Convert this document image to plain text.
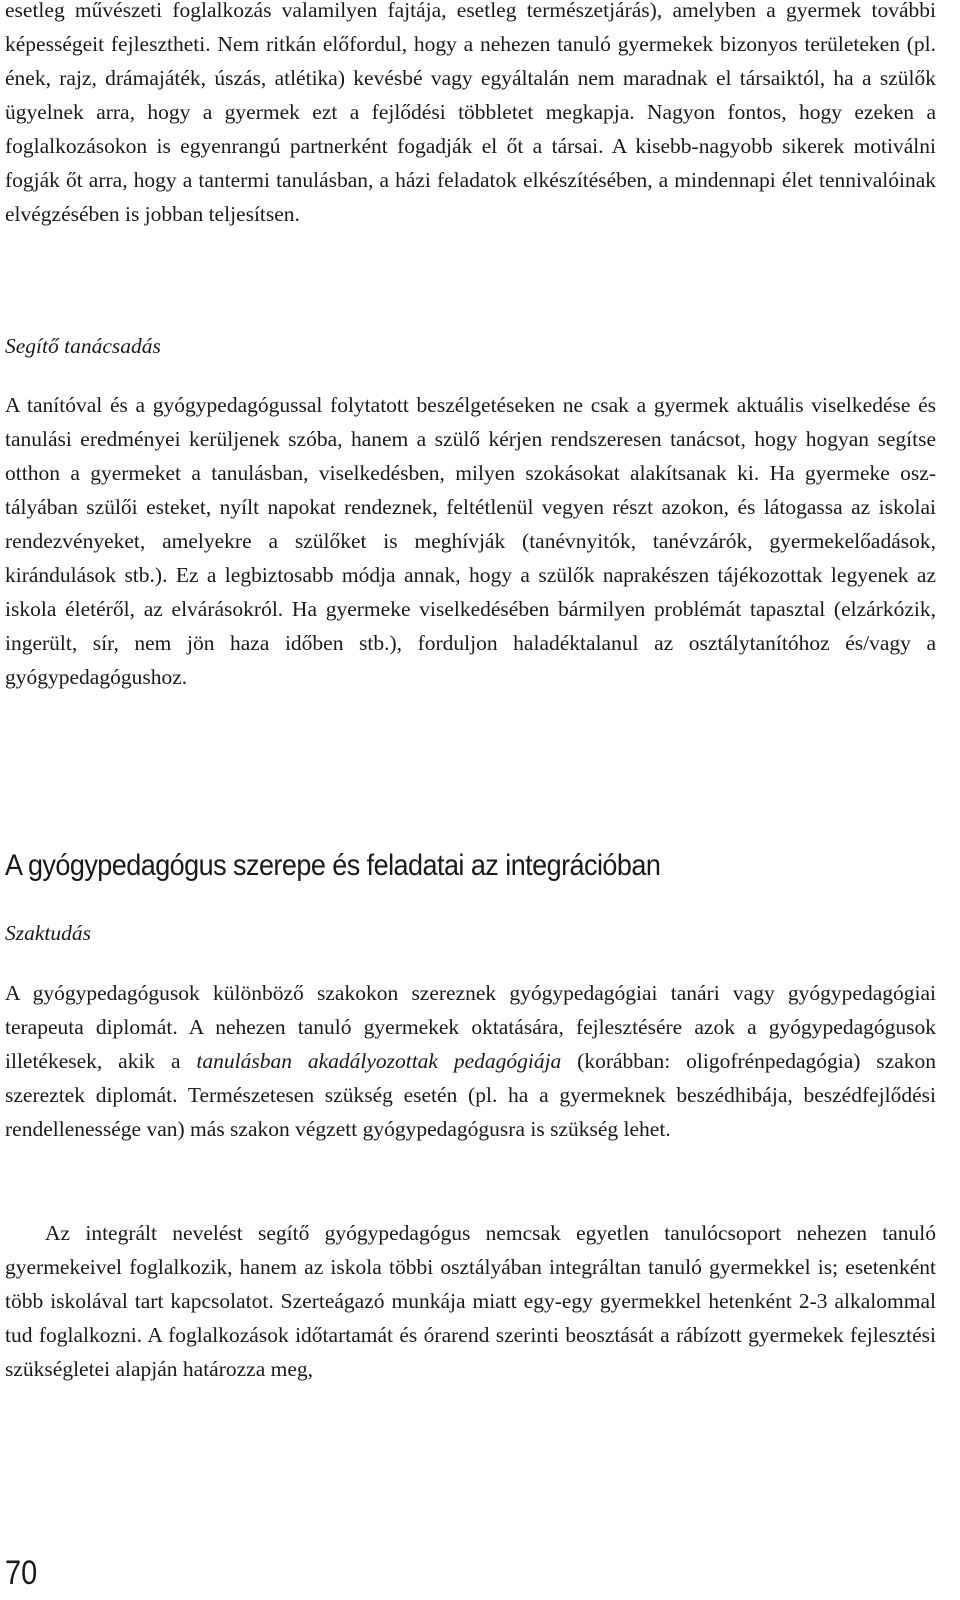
esetleg művészeti foglalkozás valamilyen fajtája, esetleg természetjárás), amelyben a gyermek további képességeit fejlesztheti. Nem ritkán előfordul, hogy a nehezen tanuló gyermekek bizonyos területeken (pl. ének, rajz, drámajáték, úszás, atlétika) kevésbé vagy egyáltalán nem maradnak el társaiktól, ha a szülők ügyelnek arra, hogy a gyermek ezt a fejlődési többletet megkapja. Nagyon fontos, hogy ezeken a foglalkozásokon is egyenrangú partnerként fogadják el őt a társai. A kisebb-nagyobb sikerek motiválni fogják őt arra, hogy a tantermi tanulásban, a házi feladatok elkészítésében, a mindennapi élet tennivalóinak elvégzésében is jobban teljesítsen.

Segítő tanácsadás

A tanítóval és a gyógypedagógussal folytatott beszélgetéseken ne csak a gyermek aktuális viselkedése és tanulási eredményei kerüljenek szóba, hanem a szülő kérjen rendszeresen tanácsot, hogy hogyan segítse otthon a gyermeket a tanulásban, viselkedésben, milyen szokásokat alakítsanak ki. Ha gyermeke osztályában szülői esteket, nyílt napokat rendeznek, feltétlenül vegyen részt azokon, és látogassa az iskolai rendezvényeket, amelyekre a szülőket is meghívják (tanévnyitók, tanévzárók, gyermekelőadások, kirándulások stb.). Ez a legbiztosabb módja annak, hogy a szülők naprakészen tájékozottak legyenek az iskola életéről, az elvárásokról. Ha gyermeke viselkedésében bármilyen problémát tapasztal (elzárkózik, ingerült, sír, nem jön haza időben stb.), forduljon haladéktalanul az osztálytanítóhoz és/vagy a gyógypedagógushoz.

A gyógypedagógus szerepe és feladatai az integrációban
Szaktudás

A gyógypedagógusok különböző szakokon szereznek gyógypedagógiai tanári vagy gyógypedagógiai terapeuta diplomát. A nehezen tanuló gyermekek oktatására, fejlesztésére azok a gyógypedagógusok illetékesek, akik a tanulásban akadályozottak pedagógiája (korábban: oligofrénpedagógia) szakon szereztek diplomát. Természetesen szükség esetén (pl. ha a gyermeknek beszédhibája, beszédfejlődési rendellenessége van) más szakon végzett gyógypedagógusra is szükség lehet.

Az integrált nevelést segítő gyógypedagógus nemcsak egyetlen tanulócsoport nehezen tanuló gyermekeivel foglalkozik, hanem az iskola többi osztályában integráltan tanuló gyermekkel is; esetenként több iskolával tart kapcsolatot. Szerteágazó munkája miatt egy-egy gyermekkel hetenként 2-3 alkalommal tud foglalkozni. A foglalkozások időtartamát és órarend szerinti beosztását a rábízott gyermekek fejlesztési szükségletei alapján határozza meg,

70
